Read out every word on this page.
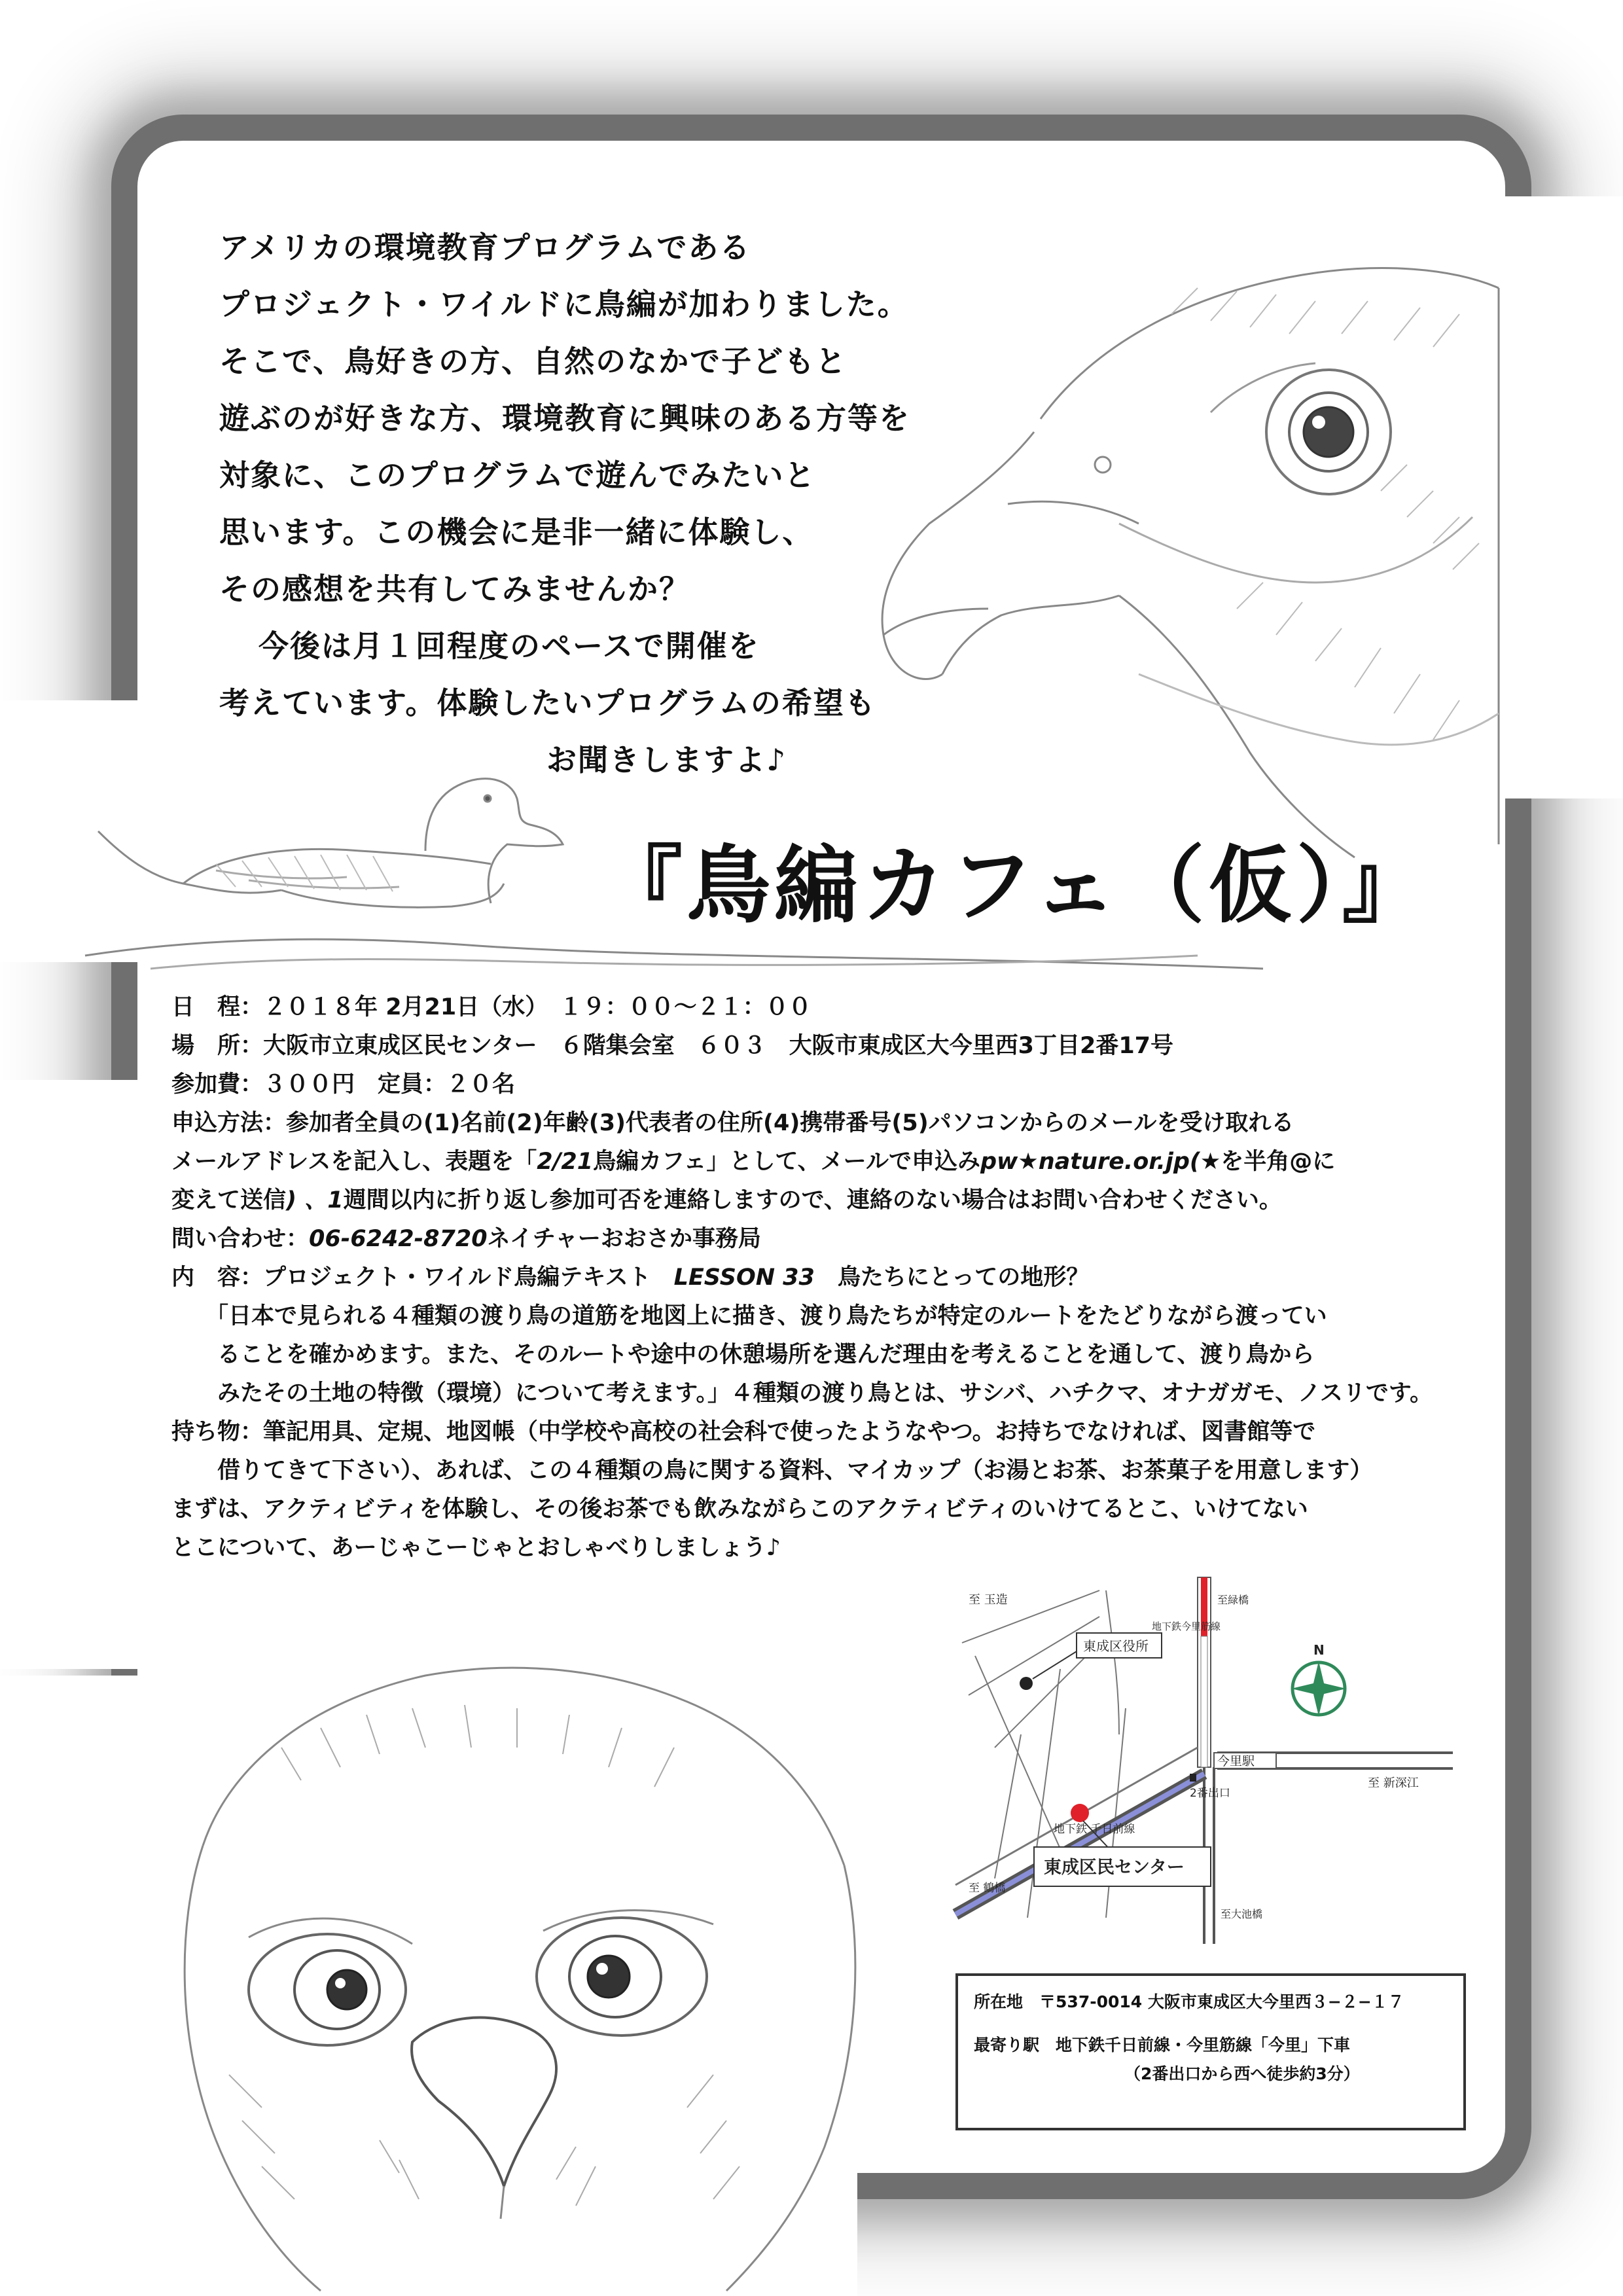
アメリカの環境教育プログラムである
プロジェクト・ワイルドに鳥編が加わりました。
そこで、鳥好きの方、自然のなかで子どもと
遊ぶのが好きな方、環境教育に興味のある方等を
対象に、このプログラムで遊んでみたいと
思います。この機会に是非一緒に体験し、
その感想を共有してみませんか？
今後は月１回程度のペースで開催を
考えています。体験したいプログラムの希望も
お聞きしますよ♪
『鳥編カフェ（仮）』
日　程：２０１８年 2月21日（水）　１９：００～２１：００
場　所：大阪市立東成区民センター　６階集会室　６０３　大阪市東成区大今里西3丁目2番17号
参加費：３００円　定員：２０名
申込方法：参加者全員の(1)名前(2)年齢(3)代表者の住所(4)携帯番号(5)パソコンからのメールを受け取れる
メールアドレスを記入し、表題を「2/21鳥編カフェ」として、メールで申込みpw★nature.or.jp(★を半角@に
変えて送信) 、1週間以内に折り返し参加可否を連絡しますので、連絡のない場合はお問い合わせください。
問い合わせ：06-6242-8720ネイチャーおおさか事務局
内　容：プロジェクト・ワイルド鳥編テキスト　LESSON 33　鳥たちにとっての地形？
「日本で見られる４種類の渡り鳥の道筋を地図上に描き、渡り鳥たちが特定のルートをたどりながら渡ってい
ることを確かめます。また、そのルートや途中の休憩場所を選んだ理由を考えることを通して、渡り鳥から
みたその土地の特徴（環境）について考えます。」４種類の渡り鳥とは、サシバ、ハチクマ、オナガガモ、ノスリです。
持ち物：筆記用具、定規、地図帳（中学校や高校の社会科で使ったようなやつ。お持ちでなければ、図書館等で
借りてきて下さい）、あれば、この４種類の鳥に関する資料、マイカップ（お湯とお茶、お茶菓子を用意します）
まずは、アクティビティを体験し、その後お茶でも飲みながらこのアクティビティのいけてるとこ、いけてない
とこについて、あーじゃこーじゃとおしゃべりしましょう♪
今里駅
東成区役所
東成区民センター
2番出口
N
至 玉造	至緑橋
地下鉄今里筋線
至 新深江
地下鉄 千日前線
至 鶴橋
至大池橋
所在地　 〒537-0014 大阪市東成区大今里西３−２−１７
最寄り駅　 地下鉄千日前線・今里筋線「今里」下車
（2番出口から西へ徒歩約3分）
